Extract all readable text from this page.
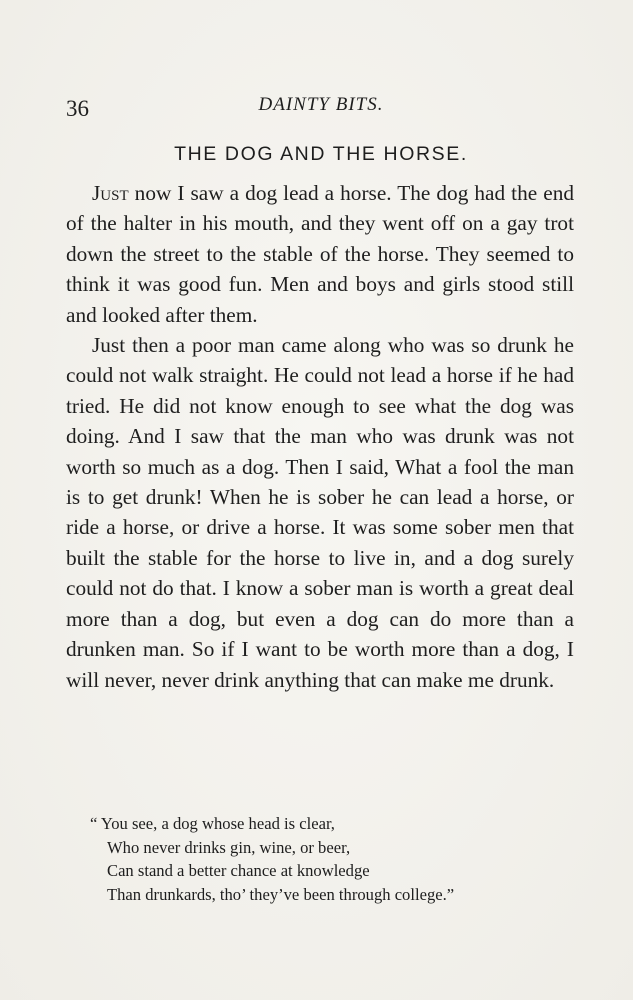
36	DAINTY BITS.
THE DOG AND THE HORSE.

Just now I saw a dog lead a horse. The dog had the end of the halter in his mouth, and they went off on a gay trot down the street to the stable of the horse. They seemed to think it was good fun. Men and boys and girls stood still and looked after them.

Just then a poor man came along who was so drunk he could not walk straight. He could not lead a horse if he had tried. He did not know enough to see what the dog was doing. And I saw that the man who was drunk was not worth so much as a dog. Then I said, What a fool the man is to get drunk! When he is sober he can lead a horse, or ride a horse, or drive a horse. It was some sober men that built the stable for the horse to live in, and a dog surely could not do that. I know a sober man is worth a great deal more than a dog, but even a dog can do more than a drunken man. So if I want to be worth more than a dog, I will never, never drink anything that can make me drunk.

“ You see, a dog whose head is clear,
Who never drinks gin, wine, or beer,
Can stand a better chance at knowledge
Than drunkards, tho’ they’ve been through college.”
